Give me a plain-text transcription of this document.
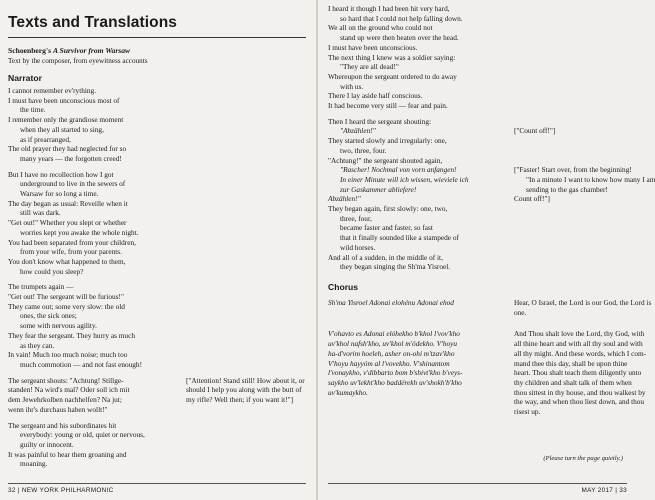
Texts and Translations

Schoenberg's A Survivor from Warsaw

Text by the composer, from eyewitness accounts

Narrator

I cannot remember ev'rything.
I must have been unconscious most of
the time.
I remember only the grandiose moment
when they all started to sing,
as if prearranged,
The old prayer they had neglected for so
many years — the forgotten creed!
But I have no recollection how I got
underground to live in the sewers of
Warsaw for so long a time.
The day began as usual: Reveille when it
still was dark.
"Get out!" Whether you slept or whether
worries kept you awake the whole night.
You had been separated from your children,
from your wife, from your parents.
You don't know what happened to them,
how could you sleep?
The trumpets again —
"Get out! The sergeant will be furious!"
They came out; some very slow: the old
ones, the sick ones;
some with nervous agility.
They fear the sergeant. They hurry as much
as they can.
In vain! Much too much noise; much too
much commotion — and not fast enough!
The sergeant shouts: "Achtung! Stillge-
standen! Na wird's mal? Oder soll ich mit
dem Jewehrkolben nachhelfen? Na jut;
wenn ihr's durchaus haben wollt!"
["Attention! Stand still! How about it, or
should I help you along with the butt of
my rifle? Well then; if you want it!"]
The sergeant and his subordinates hit
everybody: young or old, quiet or nervous,
guilty or innocent.
It was painful to hear them groaning and
moaning.
32 | NEW YORK PHILHARMONIC
I heard it though I had been hit very hard,
so hard that I could not help falling down.
We all on the ground who could not
stand up were then beaten over the head.
I must have been unconscious.
The next thing I knew was a soldier saying:
"They are all dead!"
Whereupon the sergeant ordered to do away
with us.
There I lay aside half conscious.
It had become very still — fear and pain.
Then I heard the sergeant shouting:
"Abzählen!"
They started slowly and irregularly: one,
two, three, four.
["Count off!"]
"Achtung!" the sergeant shouted again,
"Rascher! Nochmal von vorn anfangen!
In einer Minute will ich wissen, wieviele ich
zur Gaskammer abliefere!
Abzählen!"
["Faster! Start over, from the beginning!
"In a minute I want to know how many I am
sending to the gas chamber!
Count off!"]
They began again, first slowly: one, two,
three, four,
became faster and faster, so fast
that it finally sounded like a stampede of
wild horses.
And all of a sudden, in the middle of it,
they began singing the Sh'ma Yisroel.

Chorus

Sh'ma Yisroel Adonai elohénu Adonai ehod	Hear, O Israel, the Lord is our God, the Lord is
one.
V'ohavto es Adonai elóhekho b'khol l'vov'kho
uv'khol nafsh'kho, uv'khol m'ódekho. V'hoyu
ha-d'vorim hoeleh, asher on-ohi m'tzav'kho
V'hoyu hayyóm al l'vovekho. V'shinantom
l'vonaykho, v'dibbarto bom b'shivt'kho b'veys-
saykho uv'lekht'kho baddérekh uv'shokh'b'kho
uv'kumaykho.
And Thou shalt love the Lord, thy God, with
all thine heart and with all thy soul and with
all thy might. And these words, which I com-
mand thee this day, shall be upon thine
heart. Thou shalt teach them diligently unto
thy children and shalt talk of them when
thou sittest in thy house, and thou walkest by
the way, and when thou liest down, and thou
risest up.
(Please turn the page quietly.)
MAY 2017 | 33
